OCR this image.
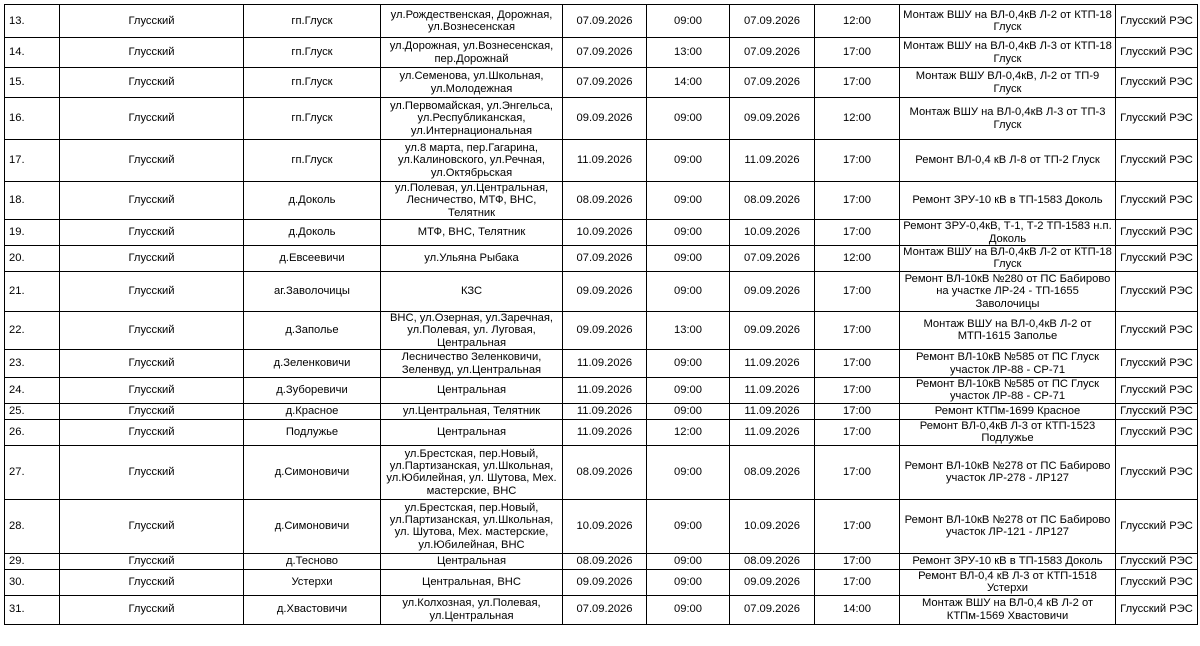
13.	Глусский	гп.Глуск	ул.Рождественская, Дорожная, ул.Вознесенская	07.09.2026	09:00	07.09.2026	12:00	Монтаж ВШУ на ВЛ-0,4кВ Л-2 от КТП-18 Глуск	Глусский РЭС
14.	Глусский	гп.Глуск	ул.Дорожная, ул.Вознесенская, пер.Дорожнай	07.09.2026	13:00	07.09.2026	17:00	Монтаж ВШУ на ВЛ-0,4кВ Л-3 от КТП-18 Глуск	Глусский РЭС
15.	Глусский	гп.Глуск	ул.Семенова, ул.Школьная, ул.Молодежная	07.09.2026	14:00	07.09.2026	17:00	Монтаж ВШУ ВЛ-0,4кВ, Л-2 от ТП-9 Глуск	Глусский РЭС
16.	Глусский	гп.Глуск	ул.Первомайская, ул.Энгельса, ул.Республиканская, ул.Интернациональная	09.09.2026	09:00	09.09.2026	12:00	Монтаж ВШУ на ВЛ-0,4кВ Л-3 от ТП-3 Глуск	Глусский РЭС
17.	Глусский	гп.Глуск	ул.8 марта, пер.Гагарина, ул.Калиновского, ул.Речная, ул.Октябрьская	11.09.2026	09:00	11.09.2026	17:00	Ремонт ВЛ-0,4 кВ Л-8 от ТП-2 Глуск	Глусский РЭС
18.	Глусский	д.Доколь	ул.Полевая, ул.Центральная, Лесничество, МТФ, ВНС, Телятник	08.09.2026	09:00	08.09.2026	17:00	Ремонт ЗРУ-10 кВ в ТП-1583 Доколь	Глусский РЭС
19.	Глусский	д.Доколь	МТФ, ВНС, Телятник	10.09.2026	09:00	10.09.2026	17:00	Ремонт ЗРУ-0,4кВ, Т-1, Т-2 ТП-1583 н.п. Доколь	Глусский РЭС
20.	Глусский	д.Евсеевичи	ул.Ульяна Рыбака	07.09.2026	09:00	07.09.2026	12:00	Монтаж ВШУ на ВЛ-0,4кВ Л-2 от КТП-18 Глуск	Глусский РЭС
21.	Глусский	аг.Заволочицы	КЗС	09.09.2026	09:00	09.09.2026	17:00	Ремонт ВЛ-10кВ №280 от ПС Бабирово на участке ЛР-24 - ТП-1655 Заволочицы	Глусский РЭС
22.	Глусский	д.Заполье	ВНС, ул.Озерная, ул.Заречная, ул.Полевая, ул. Луговая, Центральная	09.09.2026	13:00	09.09.2026	17:00	Монтаж ВШУ на ВЛ-0,4кВ Л-2 от МТП-1615 Заполье	Глусский РЭС
23.	Глусский	д.Зеленковичи	Лесничество Зеленковичи, Зеленвуд, ул.Центральная	11.09.2026	09:00	11.09.2026	17:00	Ремонт ВЛ-10кВ №585 от ПС Глуск участок ЛР-88 - СР-71	Глусский РЭС
24.	Глусский	д.Зуборевичи	Центральная	11.09.2026	09:00	11.09.2026	17:00	Ремонт ВЛ-10кВ №585 от ПС Глуск участок ЛР-88 - СР-71	Глусский РЭС
25.	Глусский	д.Красное	ул.Центральная, Телятник	11.09.2026	09:00	11.09.2026	17:00	Ремонт КТПм-1699 Красное	Глусский РЭС
26.	Глусский	Подлужье	Центральная	11.09.2026	12:00	11.09.2026	17:00	Ремонт ВЛ-0,4кВ Л-3 от КТП-1523 Подлужье	Глусский РЭС
27.	Глусский	д.Симоновичи	ул.Брестская, пер.Новый, ул.Партизанская, ул.Школьная, ул.Юбилейная, ул. Шутова, Мех. мастерские, ВНС	08.09.2026	09:00	08.09.2026	17:00	Ремонт ВЛ-10кВ №278 от ПС Бабирово участок ЛР-278 - ЛР127	Глусский РЭС
28.	Глусский	д.Симоновичи	ул.Брестская, пер.Новый, ул.Партизанская, ул.Школьная, ул. Шутова, Мех. мастерские, ул.Юбилейная, ВНС	10.09.2026	09:00	10.09.2026	17:00	Ремонт ВЛ-10кВ №278 от ПС Бабирово участок ЛР-121 - ЛР127	Глусский РЭС
29.	Глусский	д.Тесново	Центральная	08.09.2026	09:00	08.09.2026	17:00	Ремонт ЗРУ-10 кВ в ТП-1583 Доколь	Глусский РЭС
30.	Глусский	Устерхи	Центральная, ВНС	09.09.2026	09:00	09.09.2026	17:00	Ремонт ВЛ-0,4 кВ Л-3 от КТП-1518 Устерхи	Глусский РЭС
31.	Глусский	д.Хвастовичи	ул.Колхозная, ул.Полевая, ул.Центральная	07.09.2026	09:00	07.09.2026	14:00	Монтаж ВШУ на ВЛ-0,4 кВ Л-2 от КТПм-1569 Хвастовичи	Глусский РЭС
